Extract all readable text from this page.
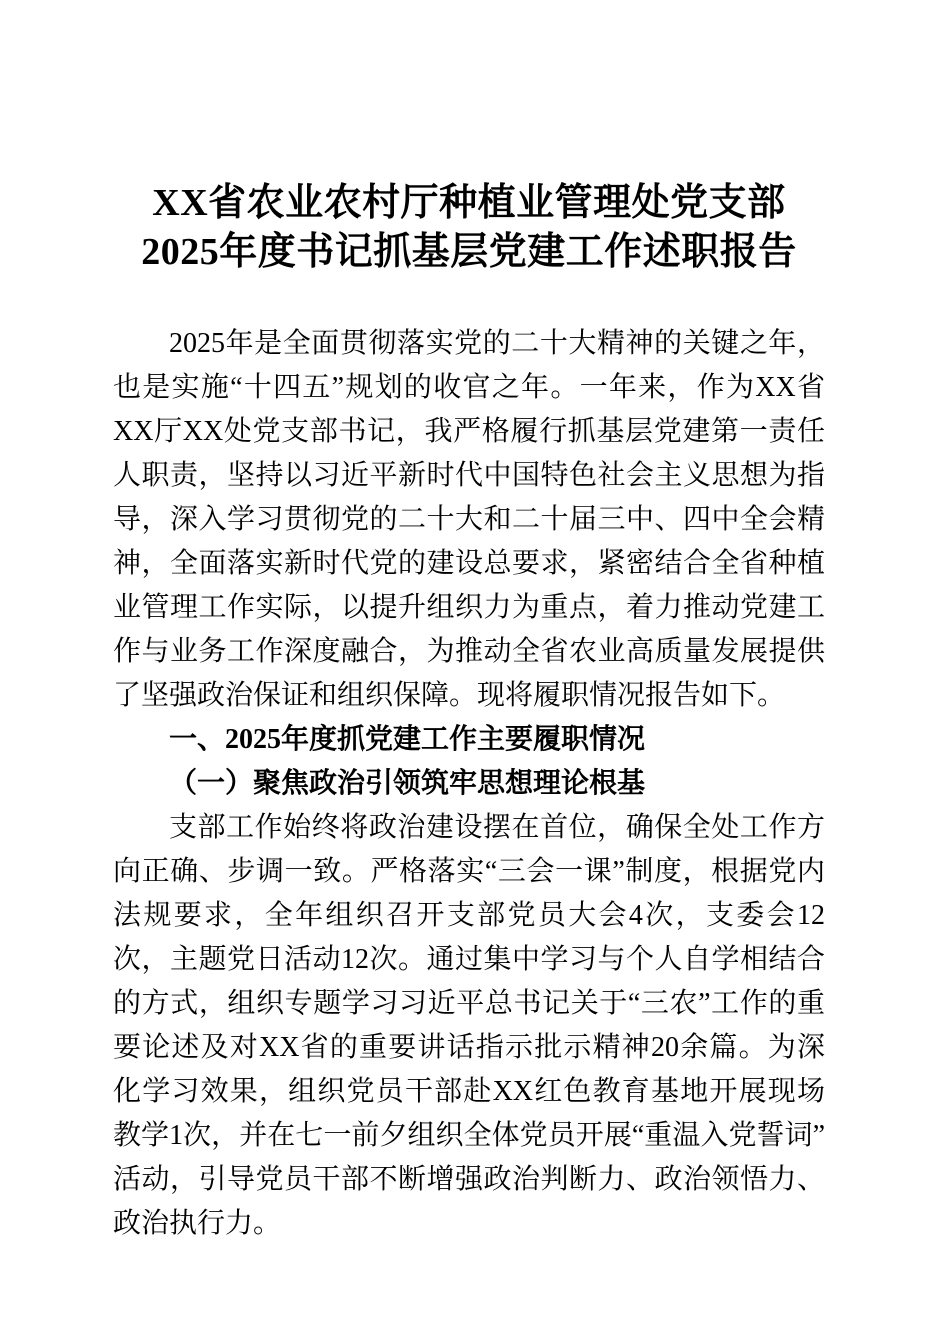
XX省农业农村厅种植业管理处党支部
2025年度书记抓基层党建工作述职报告

2025年是全面贯彻落实党的二十大精神的关键之年，也是实施“十四五”规划的收官之年。一年来，作为XX省XX厅XX处党支部书记，我严格履行抓基层党建第一责任人职责，坚持以习近平新时代中国特色社会主义思想为指导，深入学习贯彻党的二十大和二十届三中、四中全会精神，全面落实新时代党的建设总要求，紧密结合全省种植业管理工作实际，以提升组织力为重点，着力推动党建工作与业务工作深度融合，为推动全省农业高质量发展提供了坚强政治保证和组织保障。现将履职情况报告如下。

一、2025年度抓党建工作主要履职情况
（一）聚焦政治引领筑牢思想理论根基

支部工作始终将政治建设摆在首位，确保全处工作方向正确、步调一致。严格落实“三会一课”制度，根据党内法规要求，全年组织召开支部党员大会4次，支委会12次，主题党日活动12次。通过集中学习与个人自学相结合的方式，组织专题学习习近平总书记关于“三农”工作的重要论述及对XX省的重要讲话指示批示精神20余篇。为深化学习效果，组织党员干部赴XX红色教育基地开展现场教学1次，并在七一前夕组织全体党员开展“重温入党誓词”活动，引导党员干部不断增强政治判断力、政治领悟力、政治执行力。
